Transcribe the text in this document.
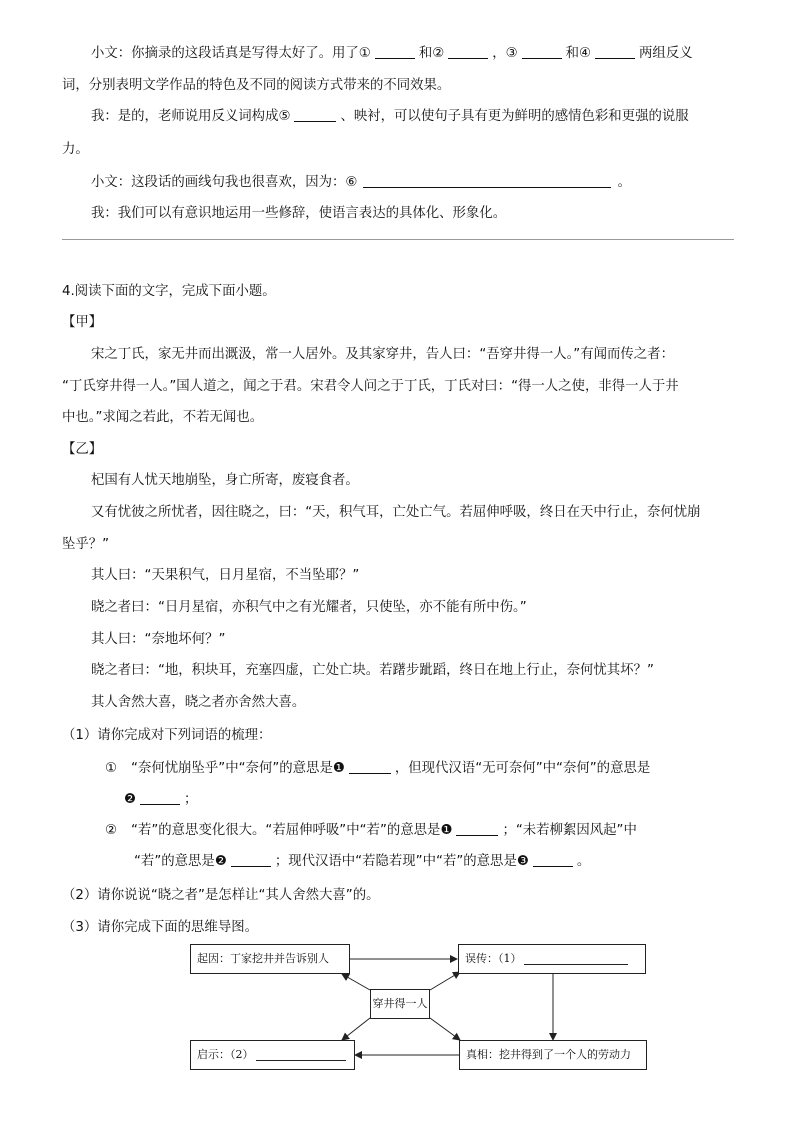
小文：你摘录的这段话真是写得太好了。用了①	和②	，③	和④	两组反义
词，分别表明文学作品的特色及不同的阅读方式带来的不同效果。
我：是的，老师说用反义词构成⑤	、映衬，可以使句子具有更为鲜明的感情色彩和更强的说服
力。
小文：这段话的画线句我也很喜欢，因为：⑥	。
我：我们可以有意识地运用一些修辞，使语言表达的具体化、形象化。
4.阅读下面的文字，完成下面小题。
【甲】
宋之丁氏，家无井而出溉汲，常一人居外。及其家穿井，告人曰：“吾穿井得一人。”有闻而传之者：
“丁氏穿井得一人。”国人道之，闻之于君。宋君令人问之于丁氏，丁氏对曰：“得一人之使，非得一人于井
中也。”求闻之若此，不若无闻也。
【乙】
杞国有人忧天地崩坠，身亡所寄，废寝食者。
又有忧彼之所忧者，因往晓之，曰：“天，积气耳，亡处亡气。若屈伸呼吸，终日在天中行止，奈何忧崩
坠乎？”
其人曰：“天果积气，日月星宿，不当坠耶？”
晓之者曰：“日月星宿，亦积气中之有光耀者，只使坠，亦不能有所中伤。”
其人曰：“奈地坏何？”
晓之者曰：“地，积块耳，充塞四虚，亡处亡块。若躇步跐蹈，终日在地上行止，奈何忧其坏？”
其人舍然大喜，晓之者亦舍然大喜。
（1）请你完成对下列词语的梳理：
① “奈何忧崩坠乎”中“奈何”的意思是❶	，但现代汉语“无可奈何”中“奈何”的意思是
❷	；
② “若”的意思变化很大。“若屈伸呼吸”中“若”的意思是❶	；“未若柳絮因风起”中
“若”的意思是❷	；现代汉语中“若隐若现”中“若”的意思是❸	。
（2）请你说说“晓之者”是怎样让“其人舍然大喜”的。
（3）请你完成下面的思维导图。
起因：丁家挖井并告诉别人	误传：（1）
穿井得一人
启示：（2）	真相：挖井得到了一个人的劳动力
